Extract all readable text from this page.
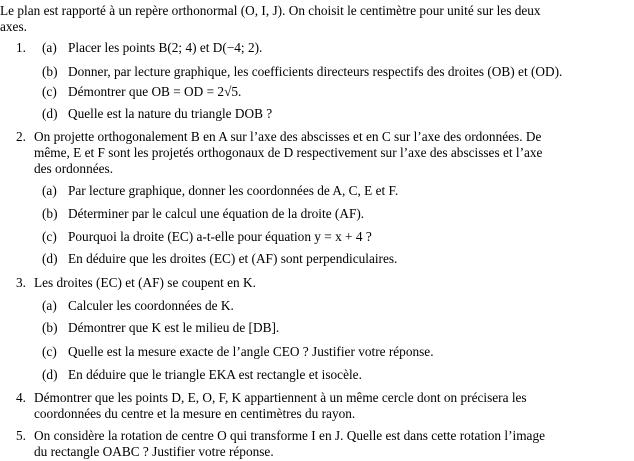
Le plan est rapporté à un repère orthonormal (O, I, J). On choisit le centimètre pour unité sur les deux
axes.
1. (a) Placer les points B(2; 4) et D(−4; 2).
(b) Donner, par lecture graphique, les coefficients directeurs respectifs des droites (OB) et (OD).
(c) Démontrer que OB = OD = 2√5.
(d) Quelle est la nature du triangle DOB ?
2. On projette orthogonalement B en A sur l’axe des abscisses et en C sur l’axe des ordonnées. De
même, E et F sont les projetés orthogonaux de D respectivement sur l’axe des abscisses et l’axe
des ordonnées.
(a) Par lecture graphique, donner les coordonnées de A, C, E et F.
(b) Déterminer par le calcul une équation de la droite (AF).
(c) Pourquoi la droite (EC) a-t-elle pour équation y = x + 4 ?
(d) En déduire que les droites (EC) et (AF) sont perpendiculaires.
3. Les droites (EC) et (AF) se coupent en K.
(a) Calculer les coordonnées de K.
(b) Démontrer que K est le milieu de [DB].
(c) Quelle est la mesure exacte de l’angle CEO ? Justifier votre réponse.
(d) En déduire que le triangle EKA est rectangle et isocèle.
4. Démontrer que les points D, E, O, F, K appartiennent à un même cercle dont on précisera les
coordonnées du centre et la mesure en centimètres du rayon.
5. On considère la rotation de centre O qui transforme I en J. Quelle est dans cette rotation l’image
du rectangle OABC ? Justifier votre réponse.
